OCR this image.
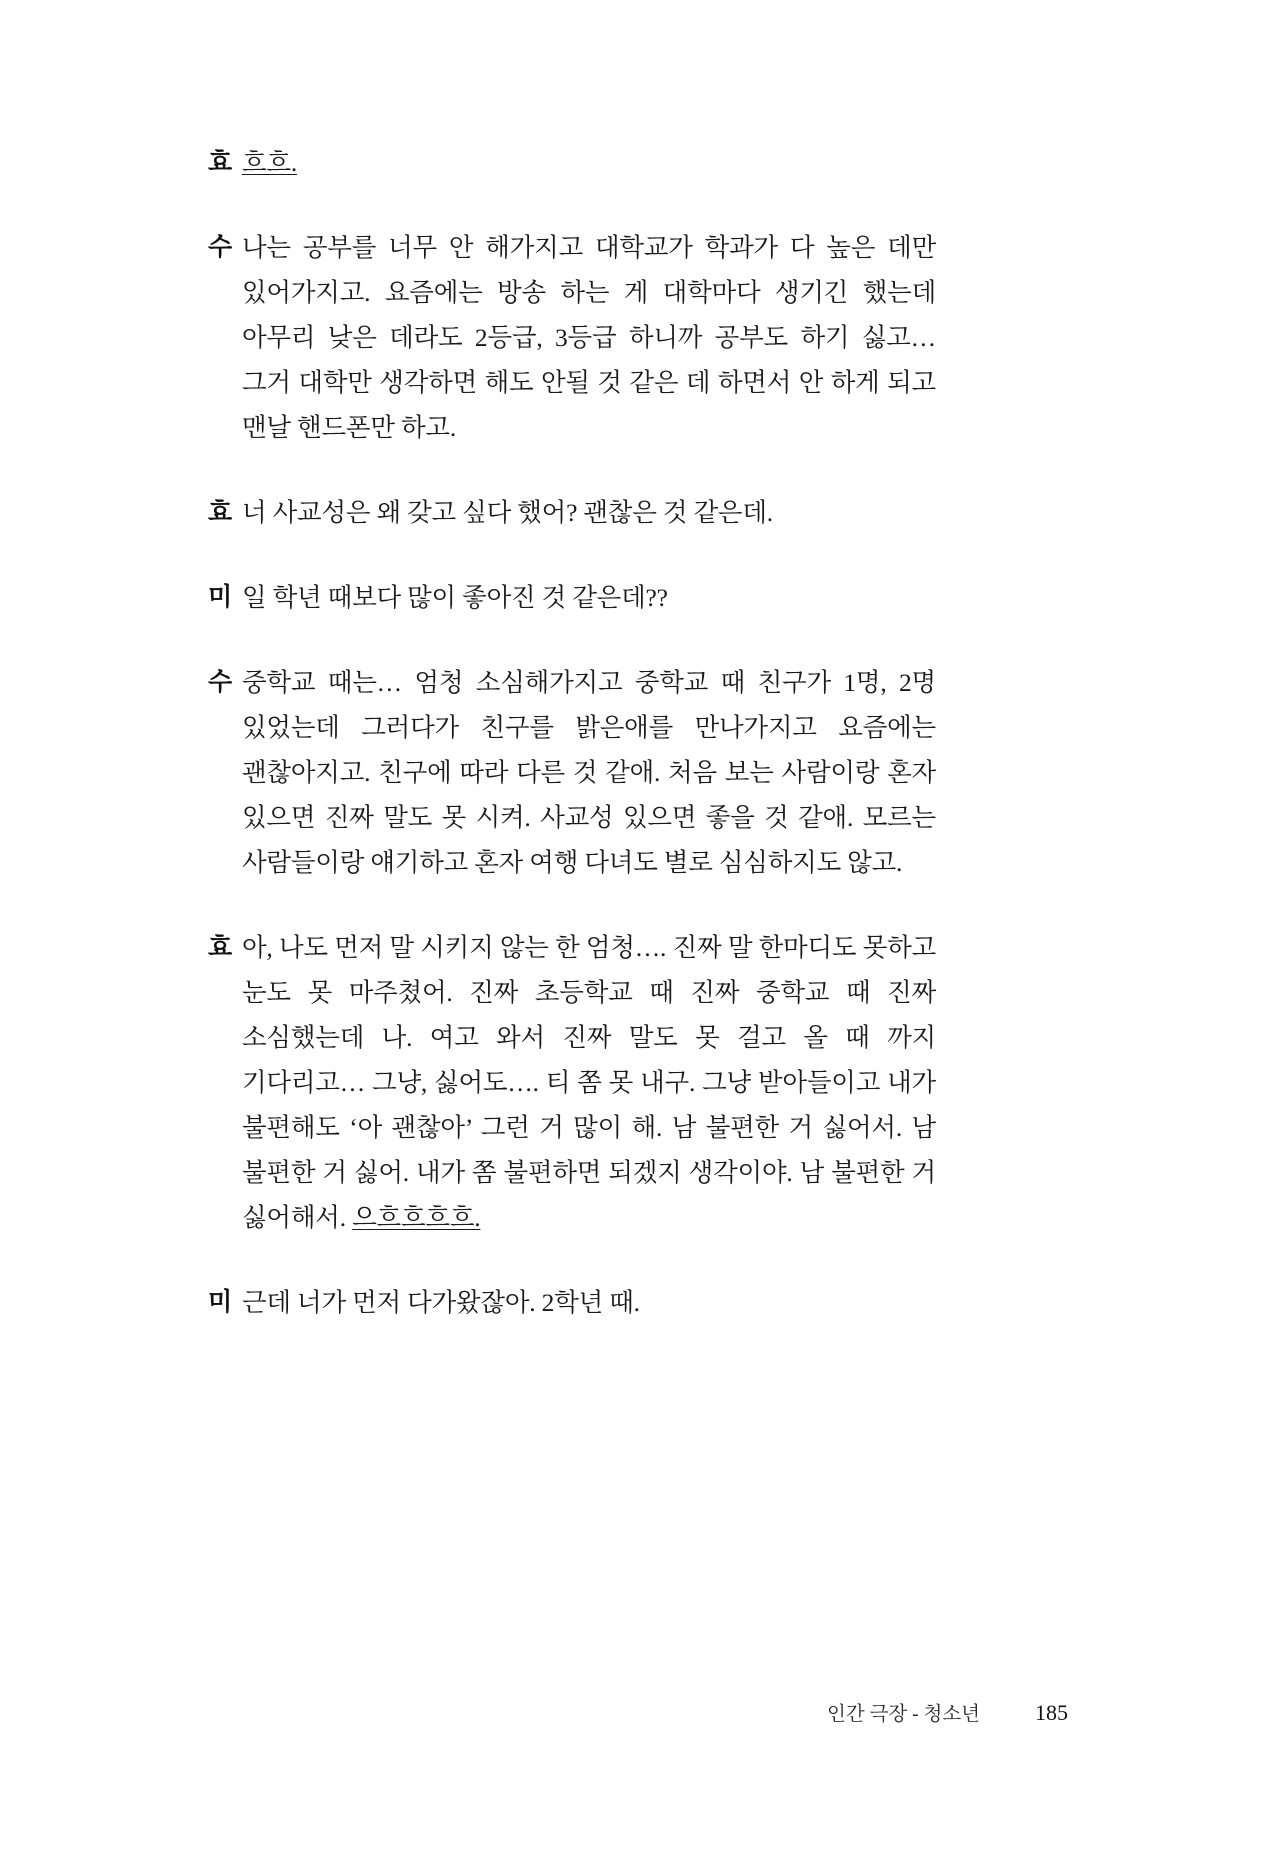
효 흐흐.
수 나는 공부를 너무 안 해가지고 대학교가 학과가 다 높은 데만 있어가지고. 요즘에는 방송 하는 게 대학마다 생기긴 했는데 아무리 낮은 데라도 2등급, 3등급 하니까 공부도 하기 싫고… 그거 대학만 생각하면 해도 안될 것 같은 데 하면서 안 하게 되고 맨날 핸드폰만 하고.
효 너 사교성은 왜 갖고 싶다 했어? 괜찮은 것 같은데.
미 일 학년 때보다 많이 좋아진 것 같은데??
수 중학교 때는… 엄청 소심해가지고 중학교 때 친구가 1명, 2명 있었는데 그러다가 친구를 밝은애를 만나가지고 요즘에는 괜찮아지고. 친구에 따라 다른 것 같애. 처음 보는 사람이랑 혼자 있으면 진짜 말도 못 시켜. 사교성 있으면 좋을 것 같애. 모르는 사람들이랑 얘기하고 혼자 여행 다녀도 별로 심심하지도 않고.
효 아, 나도 먼저 말 시키지 않는 한 엄청…. 진짜 말 한마디도 못하고 눈도 못 마주쳤어. 진짜 초등학교 때 진짜 중학교 때 진짜 소심했는데 나. 여고 와서 진짜 말도 못 걸고 올 때 까지 기다리고… 그냥, 싫어도…. 티 쫌 못 내구. 그냥 받아들이고 내가 불편해도 ‘아 괜찮아’ 그런 거 많이 해. 남 불편한 거 싫어서. 남 불편한 거 싫어. 내가 쫌 불편하면 되겠지 생각이야. 남 불편한 거 싫어해서. 으흐흐흐흐.
미 근데 너가 먼저 다가왔잖아. 2학년 때.
인간 극장 - 청소년	185
